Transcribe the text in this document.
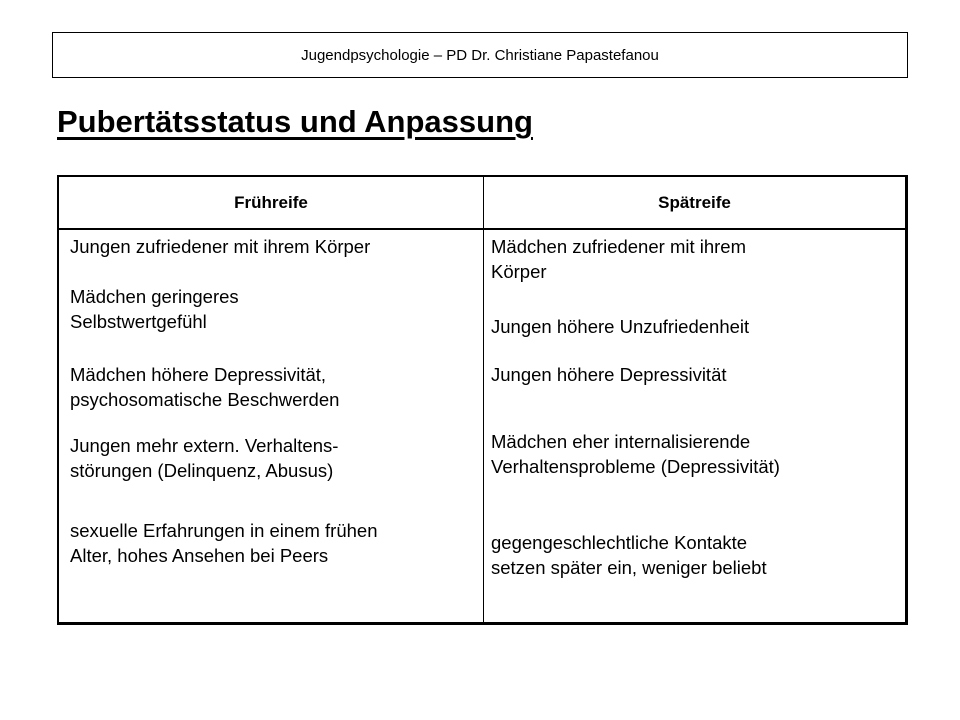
Jugendpsychologie – PD Dr. Christiane Papastefanou
Pubertätsstatus und Anpassung
Frühreife	Spätreife
Jungen zufriedener mit ihrem Körper
Mädchen geringeres
Selbstwertgefühl
Mädchen höhere Depressivität,
psychosomatische Beschwerden
Jungen mehr extern. Verhaltens-
störungen (Delinquenz, Abusus)
sexuelle Erfahrungen in einem frühen
Alter, hohes Ansehen bei Peers
Mädchen zufriedener mit ihrem
Körper
Jungen höhere Unzufriedenheit
Jungen höhere Depressivität
Mädchen eher internalisierende
Verhaltensprobleme (Depressivität)
gegengeschlechtliche Kontakte
setzen später ein, weniger beliebt
